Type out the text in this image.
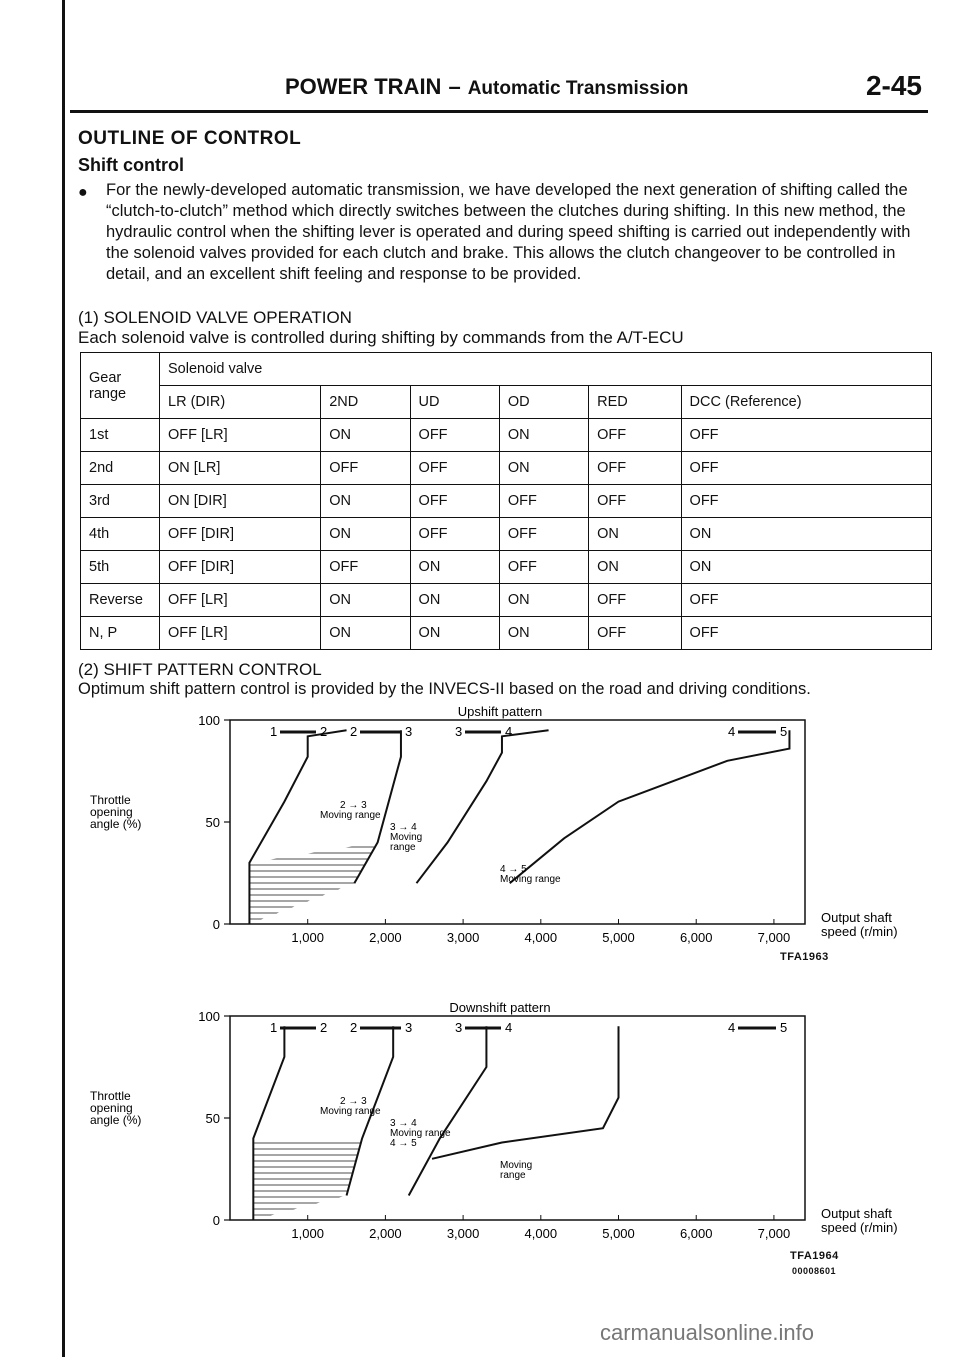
POWER TRAIN – Automatic Transmission	2-45
OUTLINE OF CONTROL
Shift control
● For the newly-developed automatic transmission, we have developed the next generation of shifting called the “clutch-to-clutch” method which directly switches between the clutches during shifting. In this new method, the hydraulic control when the shifting lever is operated and during speed shifting is carried out independently with the solenoid valves provided for each clutch and brake. This allows the clutch changeover to be controlled in detail, and an excellent shift feeling and response to be provided.
(1) SOLENOID VALVE OPERATION
Each solenoid valve is controlled during shifting by commands from the A/T-ECU
Gear range	Solenoid valve					
	LR (DIR)	2ND	UD	OD	RED	DCC (Reference)
1st	OFF [LR]	ON	OFF	ON	OFF	OFF
2nd	ON [LR]	OFF	OFF	ON	OFF	OFF
3rd	ON [DIR]	ON	OFF	OFF	OFF	OFF
4th	OFF [DIR]	ON	OFF	OFF	ON	ON
5th	OFF [DIR]	OFF	ON	OFF	ON	ON
Reverse	OFF [LR]	ON	ON	ON	OFF	OFF
N, P	OFF [LR]	ON	ON	ON	OFF	OFF
(2) SHIFT PATTERN CONTROL
Optimum shift pattern control is provided by the INVECS-II based on the road and driving conditions.
0
50
100
1,000	2,000	3,000	4,000	5,000	6,000	7,000
Upshift pattern
Throttle
opening
angle (%)
Output shaft
speed (r/min)
1	2 2	3	3	4	4	5
2 → 3
Moving range
3 → 4
Moving
range
4 → 5
Moving range
TFA1963
0
50
100
1,000	2,000	3,000	4,000	5,000	6,000	7,000
Downshift pattern
Throttle
opening
angle (%)
Output shaft
speed (r/min)
1	2 2	3	3	4	4	5
2 → 3
Moving range
3 → 4
Moving range
4 → 5
Moving
range
TFA1964
00008601
carmanualsonline.info
